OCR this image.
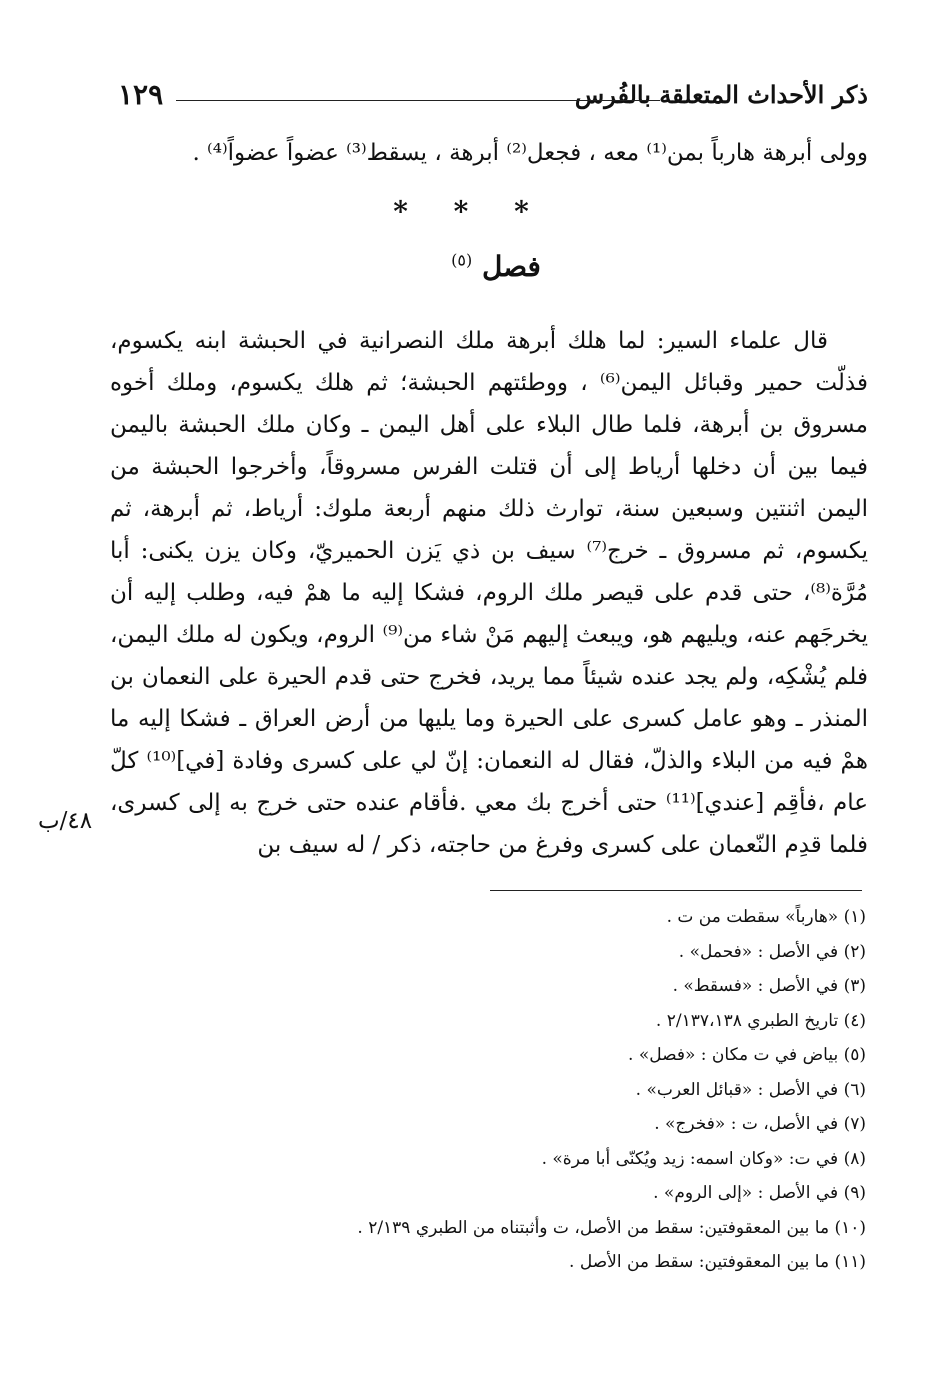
ذكر الأحداث المتعلقة بالفُرس
١٢٩
وولى أبرهة هارباً بمن⁽¹⁾ معه ، فجعل⁽²⁾ أبرهة ، يسقط⁽³⁾ عضواً عضواً⁽⁴⁾ .
* * *
فصل $^{(٥)}$
قال علماء السير: لما هلك أبرهة ملك النصرانية في الحبشة ابنه يكسوم، فذلّت حمير وقبائل اليمن⁽⁶⁾ ، ووطئتهم الحبشة؛ ثم هلك يكسوم، وملك أخوه مسروق بن أبرهة، فلما طال البلاء على أهل اليمن ـ وكان ملك الحبشة باليمن فيما بين أن دخلها أرياط إلى أن قتلت الفرس مسروقاً، وأخرجوا الحبشة من اليمن اثنتين وسبعين سنة، توارث ذلك منهم أربعة ملوك: أرياط، ثم أبرهة، ثم يكسوم، ثم مسروق ـ خرج⁽⁷⁾ سيف بن ذي يَزن الحميريّ، وكان يزن يكنى: أبا مُرَّة⁽⁸⁾، حتى قدم على قيصر ملك الروم، فشكا إليه ما همْ فيه، وطلب إليه أن يخرجَهم عنه، ويليهم هو، ويبعث إليهم مَنْ شاء من⁽⁹⁾ الروم، ويكون له ملك اليمن، فلم يُشْكِه، ولم يجد عنده شيئاً مما يريد، فخرج حتى قدم الحيرة على النعمان بن المنذر ـ وهو عامل كسرى على الحيرة وما يليها من أرض العراق ـ فشكا إليه ما همْ فيه من البلاء والذلّ، فقال له النعمان: إنّ لي على كسرى وفادة [في]⁽¹⁰⁾ كلّ عام ،فأقِم [عندي]⁽¹¹⁾ حتى أخرج بك معي .فأقام عنده حتى خرج به إلى كسرى، فلما قدِم النّعمان على كسرى وفرغ من حاجته، ذكر / له سيف بن
٤٨/ب
(١) «هارباً» سقطت من ت .
(٢) في الأصل : «فحمل» .
(٣) في الأصل : «فسقط» .
(٤) تاريخ الطبري ٢/١٣٧،١٣٨ .
(٥) بياض في ت مكان : «فصل» .
(٦) في الأصل : «قبائل العرب» .
(٧) في الأصل، ت : «فخرج» .
(٨) في ت: «وكان اسمه: زيد ويُكنّى أبا مرة» .
(٩) في الأصل : «إلى الروم» .
(١٠) ما بين المعقوفتين: سقط من الأصل، ت وأثبتناه من الطبري ٢/١٣٩ .
(١١) ما بين المعقوفتين: سقط من الأصل .
